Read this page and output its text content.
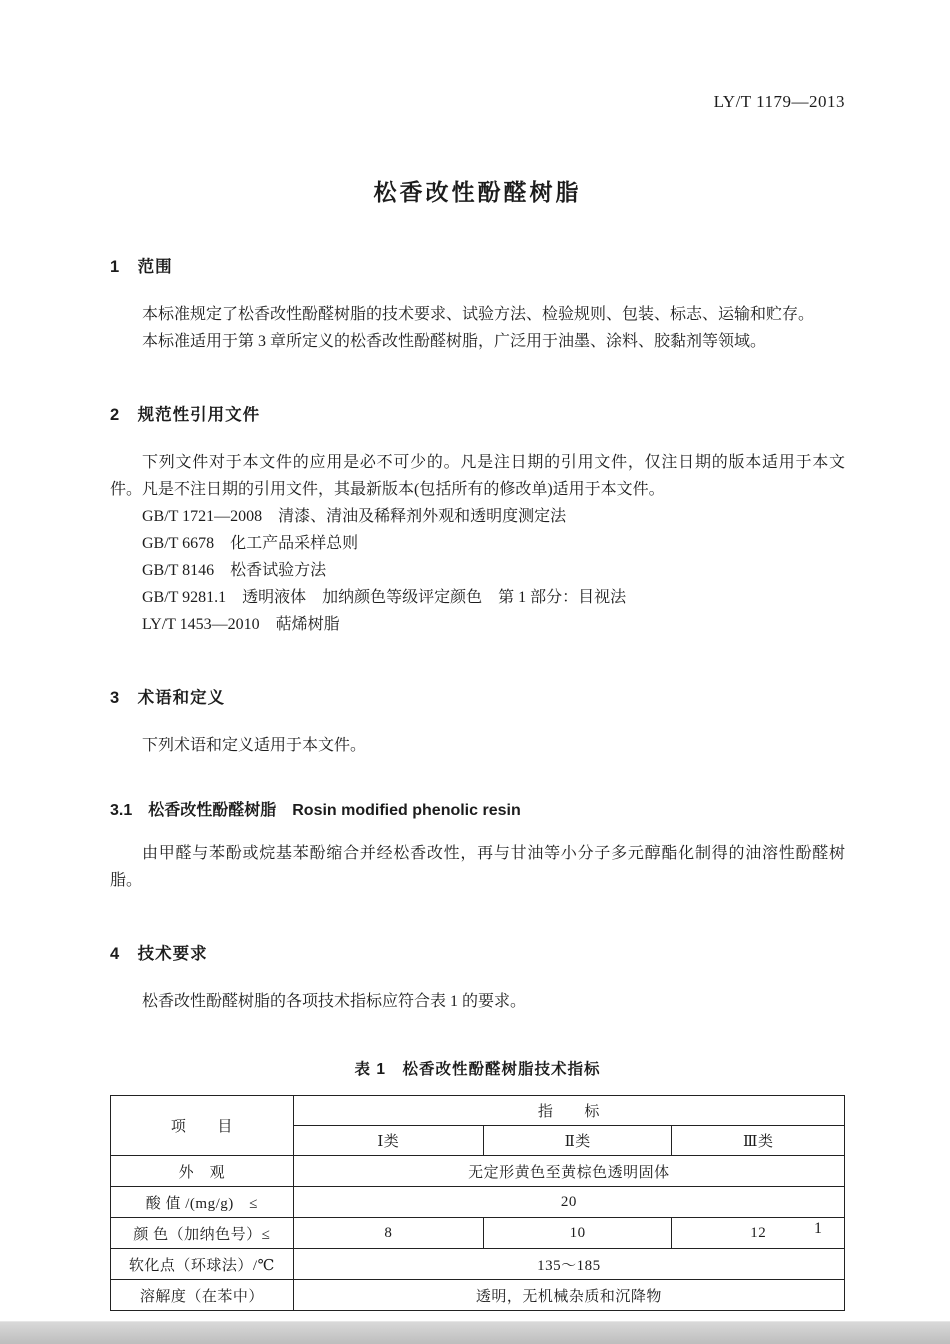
LY/T 1179—2013
松香改性酚醛树脂
1　范围

本标准规定了松香改性酚醛树脂的技术要求、试验方法、检验规则、包装、标志、运输和贮存。

本标准适用于第 3 章所定义的松香改性酚醛树脂，广泛用于油墨、涂料、胶黏剂等领域。

2　规范性引用文件

下列文件对于本文件的应用是必不可少的。凡是注日期的引用文件，仅注日期的版本适用于本文件。凡是不注日期的引用文件，其最新版本(包括所有的修改单)适用于本文件。

GB/T 1721—2008　清漆、清油及稀释剂外观和透明度测定法

GB/T 6678　化工产品采样总则

GB/T 8146　松香试验方法

GB/T 9281.1　透明液体　加纳颜色等级评定颜色　第 1 部分：目视法

LY/T 1453—2010　萜烯树脂

3　术语和定义

下列术语和定义适用于本文件。

3.1　松香改性酚醛树脂　Rosin modified phenolic resin

由甲醛与苯酚或烷基苯酚缩合并经松香改性，再与甘油等小分子多元醇酯化制得的油溶性酚醛树脂。

4　技术要求

松香改性酚醛树脂的各项技术指标应符合表 1 的要求。

表 1　松香改性酚醛树脂技术指标
项　　目	指　　标		
	Ⅰ类	Ⅱ类	Ⅲ类
外　观	无定形黄色至黄棕色透明固体		
酸 值 /(mg/g)　≤	20		
颜 色（加纳色号）≤	8	10	12
软化点（环球法）/℃	135～185		
溶解度（在苯中）	透明，无机械杂质和沉降物		
1
